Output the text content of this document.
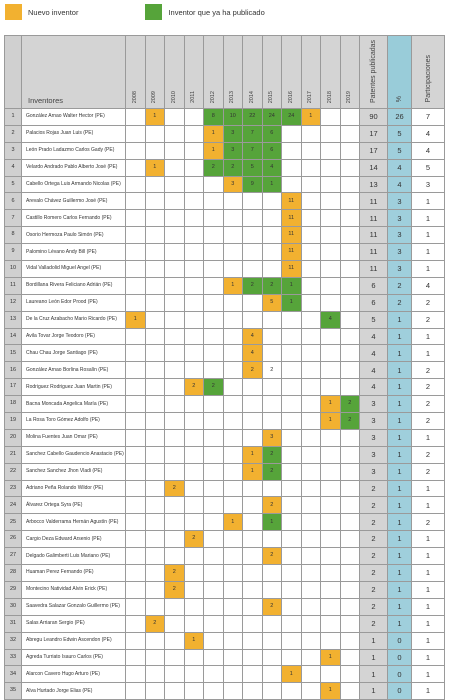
Nuevo inventor	Inventor que ya ha publicado
	Inventores	2008	2009	2010	2011	2012	2013	2014	2015	2016	2017	2018	2019	Patentes publicadas	%	Participaciones
1	González Arnao Walter Hector (PE)		1			8	10	22	24	24	1			90	26	7
2	Palacios Rojas Juan Luis (PE)					1	3	7	6					17	5	4
3	León Prado Ladazmo Carlos Gady (PE)					1	3	7	6					17	5	4
4	Velardo Andrado Pablo Alberto José (PE)		1			2	2	5	4					14	4	5
5	Cabello Ortega Luis Armando Nicolas (PE)						3	9	1					13	4	3
6	Arevalo Chávez Guillermo José (PE)									11				11	3	1
7	Castillo Romero Carlos Fernando (PE)									11				11	3	1
8	Osorio Hermoza Paulo Simón (PE)									11				11	3	1
9	Palomino Lévano Andy Bill (PE)									11				11	3	1
10	Vidal Valladolid Miguel Angel (PE)									11				11	3	1
11	Bordillana Rivera Feliciano Adrián (PE)						1	2	2	1				6	2	4
12	Laureano León Edor Prood (PE)								5	1				6	2	2
13	De la Cruz Azabacho Mario Ricardo (PE)	1										4		5	1	2
14	Avila Tovar Jorge Teodoro (PE)							4						4	1	1
15	Chau Chau Jorge Santiago (PE)							4						4	1	1
16	González Arnao Borlina Rosalín (PE)							2	2					4	1	2
17	Rodriguez Rodriguez Juan Martin (PE)				2	2								4	1	2
18	Bacna Moncada Angelica María (PE)											1	2	3	1	2
19	La Rosa Toro Gómez Adolfo (PE)											1	2	3	1	2
20	Molina Fuentes Juan Omar (PE)								3					3	1	1
21	Sanchez Cabello Gaudencio Anastacio (PE)							1	2					3	1	2
22	Sanchez Sanchez Jhon Vladi (PE)							1	2					3	1	2
23	Adriano Peña Rolando Wildor (PE)			2										2	1	1
24	Álvarez Ortega Syra (PE)								2					2	1	1
25	Arbocco Valderrama Hernán Agustín (PE)						1		1					2	1	2
26	Cargio Deza Edward Arsenio (PE)				2									2	1	1
27	Delgado Galimberti Luis Mariano (PE)								2					2	1	1
28	Huaman Perez Fernando (PE)			2										2	1	1
29	Montecino Natividad Alvin Erick (PE)			2										2	1	1
30	Saavedra Salazar Gonzalo Guillermo (PE)								2					2	1	1
31	Salas Arriaran Sergio (PE)		2											2	1	1
32	Abregu Leandro Edwin Ascendon (PE)				1									1	0	1
33	Agreda Turriato Isauro Carlos (PE)											1		1	0	1
34	Alarcon Cavero Hugo Arturo (PE)									1				1	0	1
35	Alva Hurtado Jorge Elias (PE)											1		1	0	1
